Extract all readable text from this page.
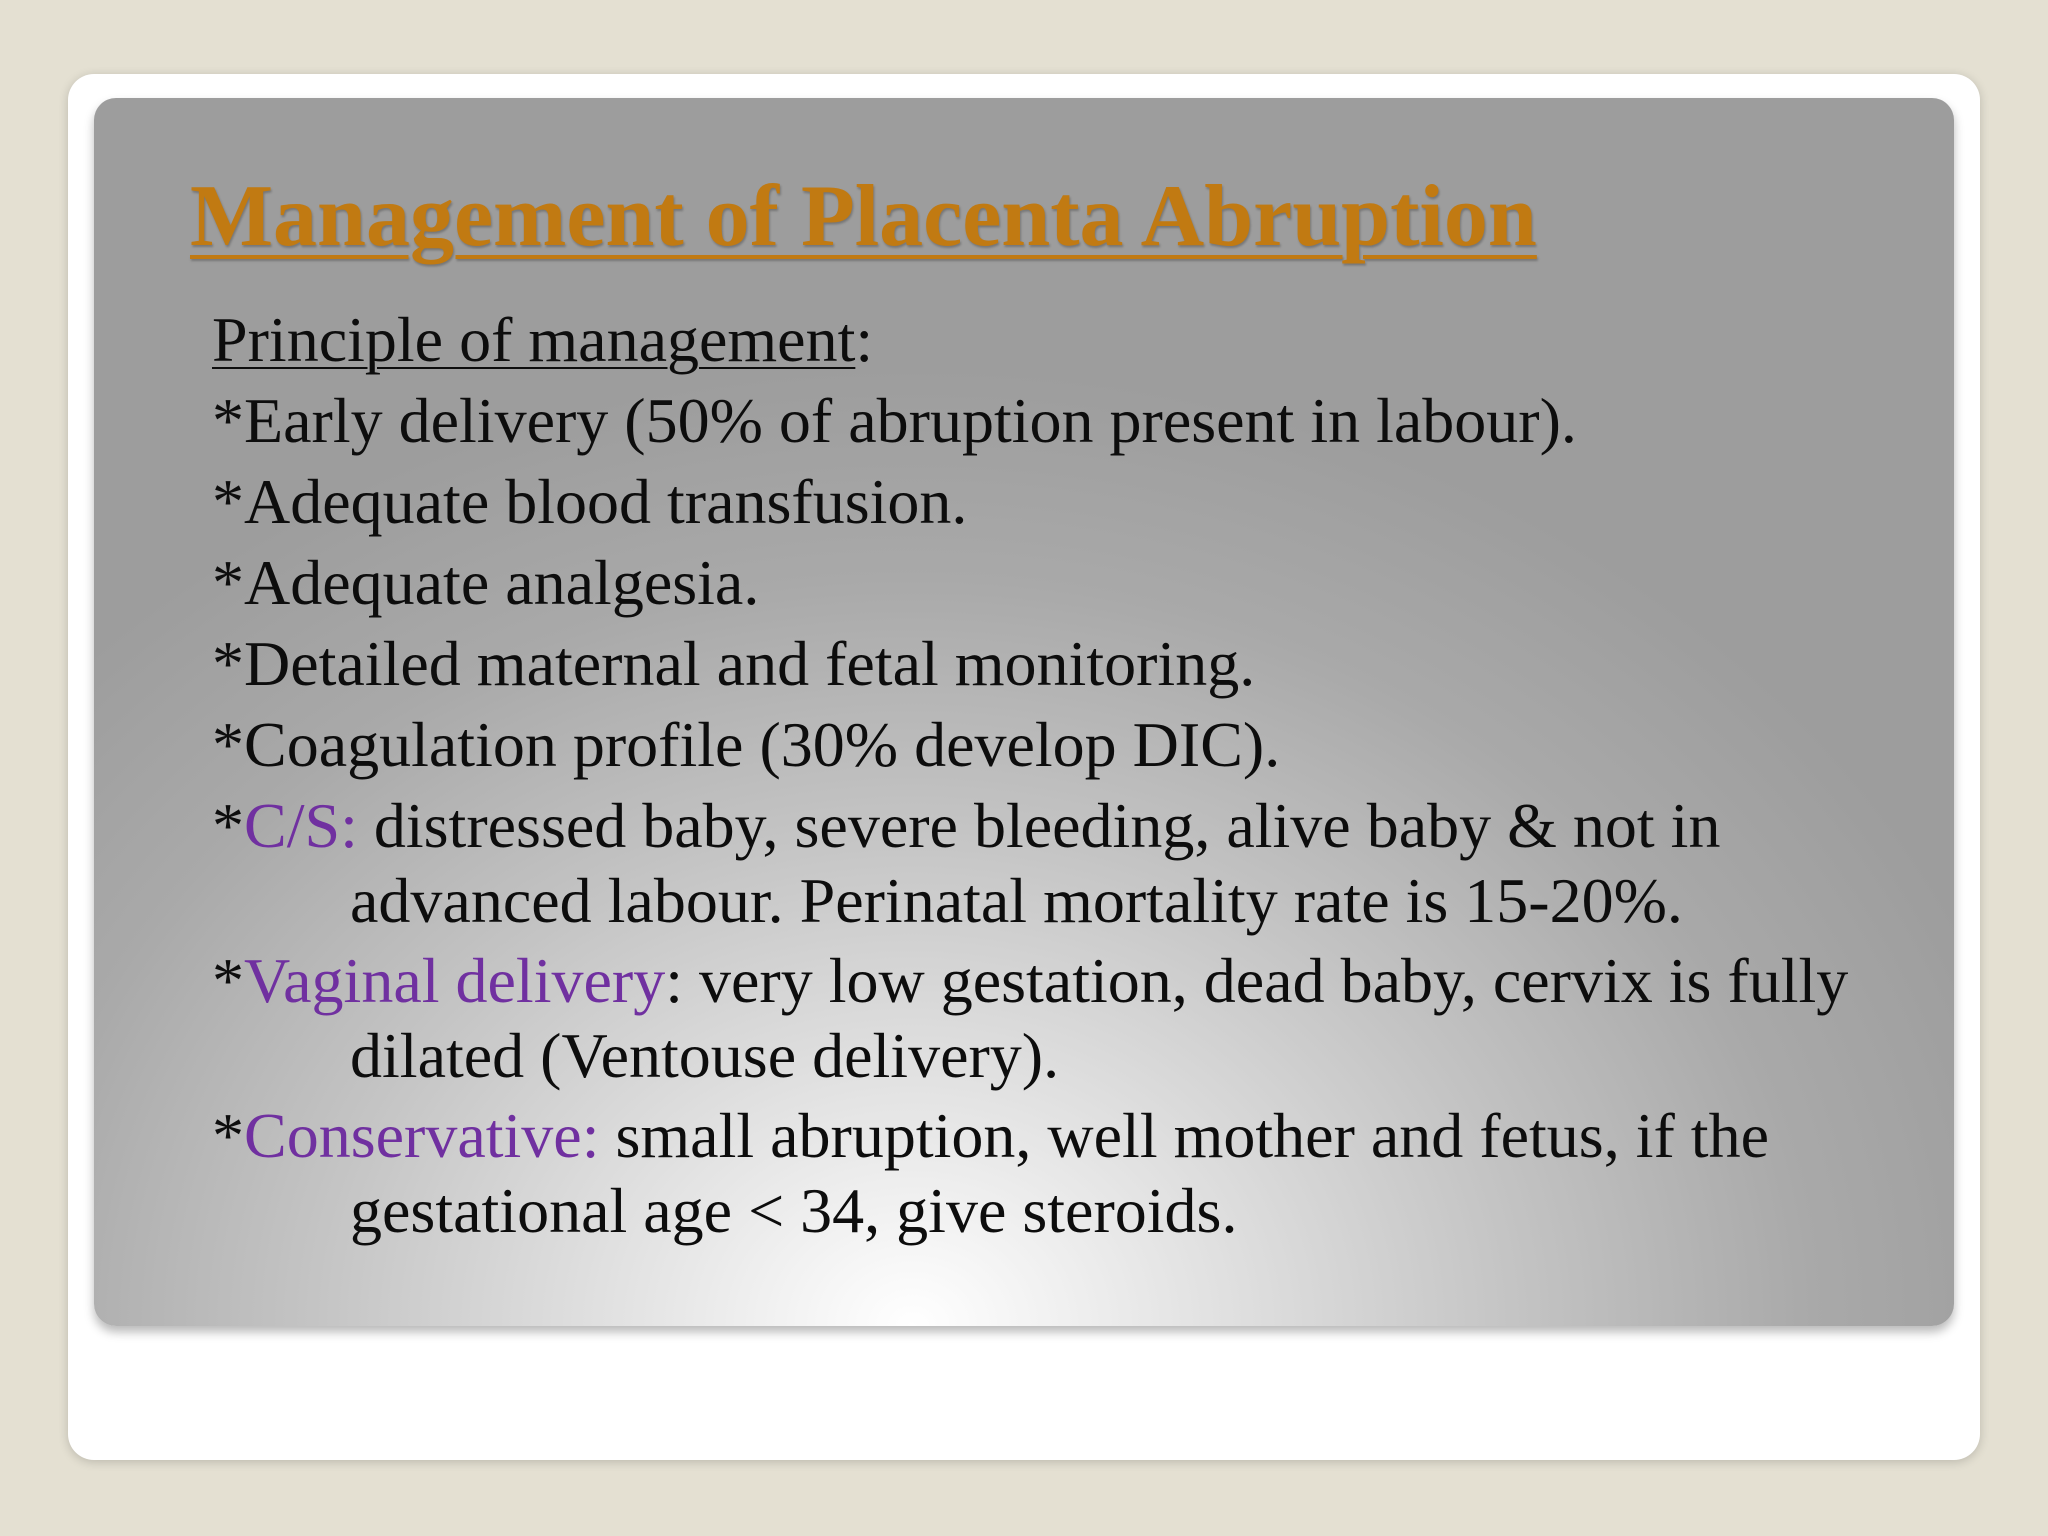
Management of Placenta Abruption
Principle of management:
*Early delivery (50% of abruption present in labour).
*Adequate blood transfusion.
*Adequate analgesia.
*Detailed maternal and fetal monitoring.
*Coagulation profile (30% develop DIC).
*C/S: distressed baby, severe bleeding, alive baby & not in
advanced labour. Perinatal mortality rate is 15-20%.
*Vaginal delivery: very low gestation, dead baby, cervix is fully
dilated (Ventouse delivery).
*Conservative: small abruption, well mother and fetus, if the
gestational age < 34, give steroids.
